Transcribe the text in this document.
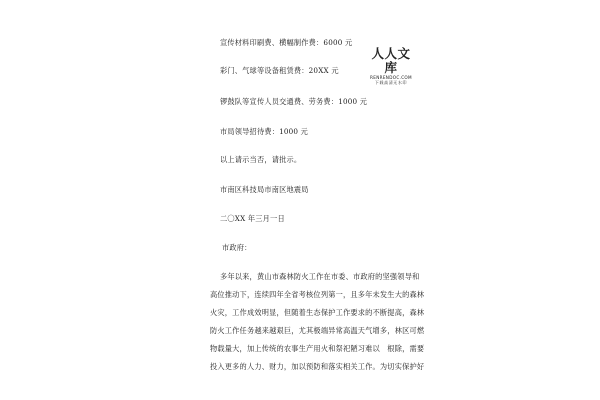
人人文库
RENRENDOC.COM
下载高清无水印
宣传材料印刷费、横幅制作费：6000 元
彩门、气球等设备租赁费：20XX 元
锣鼓队等宣传人员交通费、劳务费：1000 元
市局领导招待费：1000 元
以上请示当否，请批示。
市南区科技局市南区地震局
二〇XX 年三月一日
市政府：
多年以来，黄山市森林防火工作在市委、市政府的坚强领导和
高位推动下，连续四年全省考核位列第一，且多年未发生大的森林
火灾，工作成效明显，但随着生态保护工作要求的不断提高，森林
防火工作任务越来越艰巨，尤其极端异常高温天气增多，林区可燃
物载量大，加上传统的农事生产用火和祭祀陋习难以　根除，需要
投入更多的人力、财力，加以预防和落实相关工作。为切实保护好
